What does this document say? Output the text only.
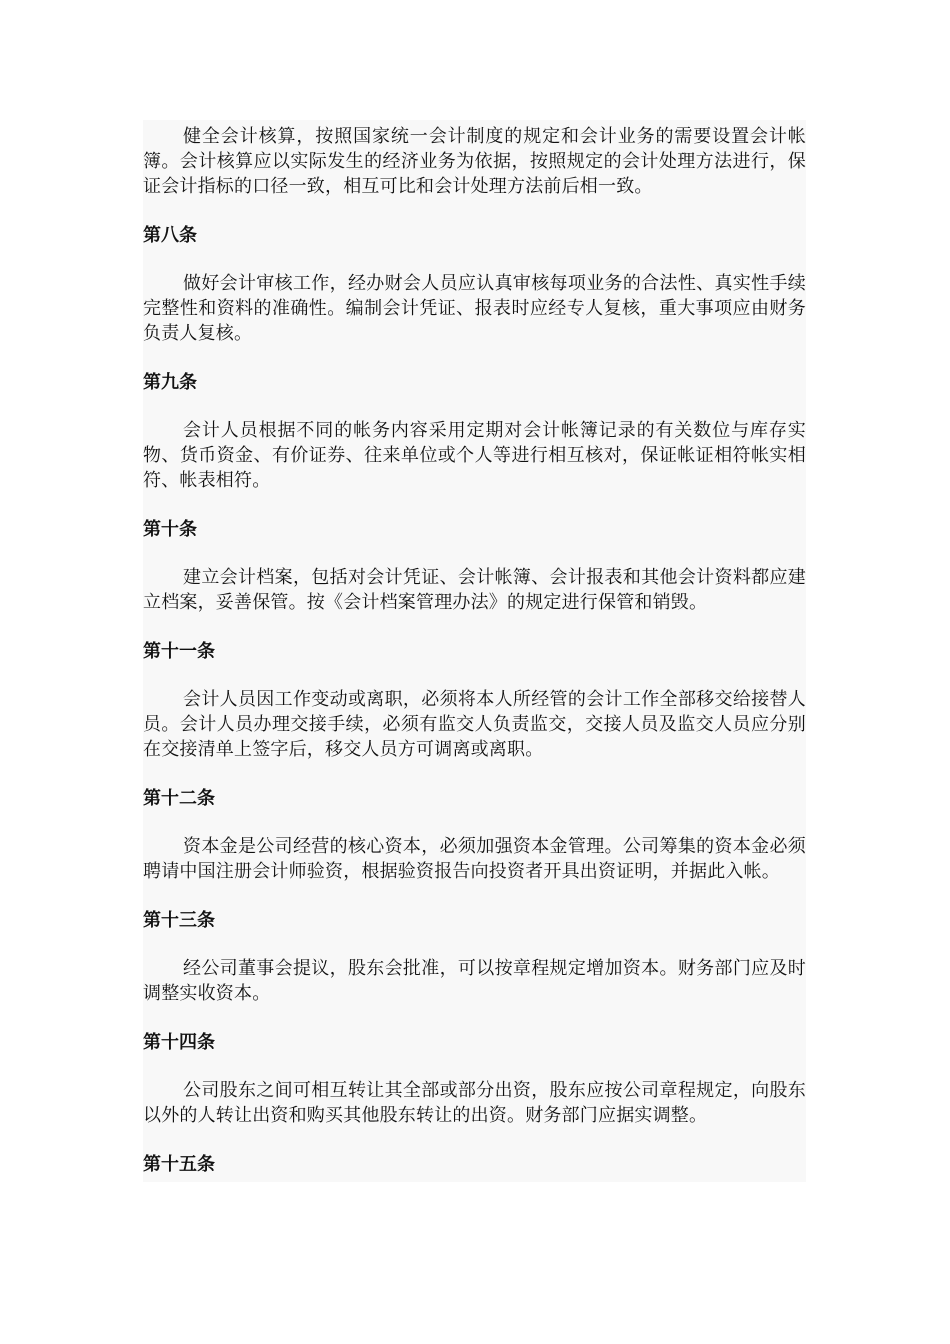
健全会计核算，按照国家统一会计制度的规定和会计业务的需要设置会计帐簿。会计核算应以实际发生的经济业务为依据，按照规定的会计处理方法进行，保证会计指标的口径一致，相互可比和会计处理方法前后相一致。

第八条

做好会计审核工作，经办财会人员应认真审核每项业务的合法性、真实性手续完整性和资料的准确性。编制会计凭证、报表时应经专人复核，重大事项应由财务负责人复核。

第九条

会计人员根据不同的帐务内容采用定期对会计帐簿记录的有关数位与库存实物、货币资金、有价证券、往来单位或个人等进行相互核对，保证帐证相符帐实相符、帐表相符。

第十条

建立会计档案，包括对会计凭证、会计帐簿、会计报表和其他会计资料都应建立档案，妥善保管。按《会计档案管理办法》的规定进行保管和销毁。

第十一条

会计人员因工作变动或离职，必须将本人所经管的会计工作全部移交给接替人员。会计人员办理交接手续，必须有监交人负责监交，交接人员及监交人员应分别在交接清单上签字后，移交人员方可调离或离职。

第十二条

资本金是公司经营的核心资本，必须加强资本金管理。公司筹集的资本金必须聘请中国注册会计师验资，根据验资报告向投资者开具出资证明，并据此入帐。

第十三条

经公司董事会提议，股东会批准，可以按章程规定增加资本。财务部门应及时调整实收资本。

第十四条

公司股东之间可相互转让其全部或部分出资，股东应按公司章程规定，向股东以外的人转让出资和购买其他股东转让的出资。财务部门应据实调整。

第十五条
